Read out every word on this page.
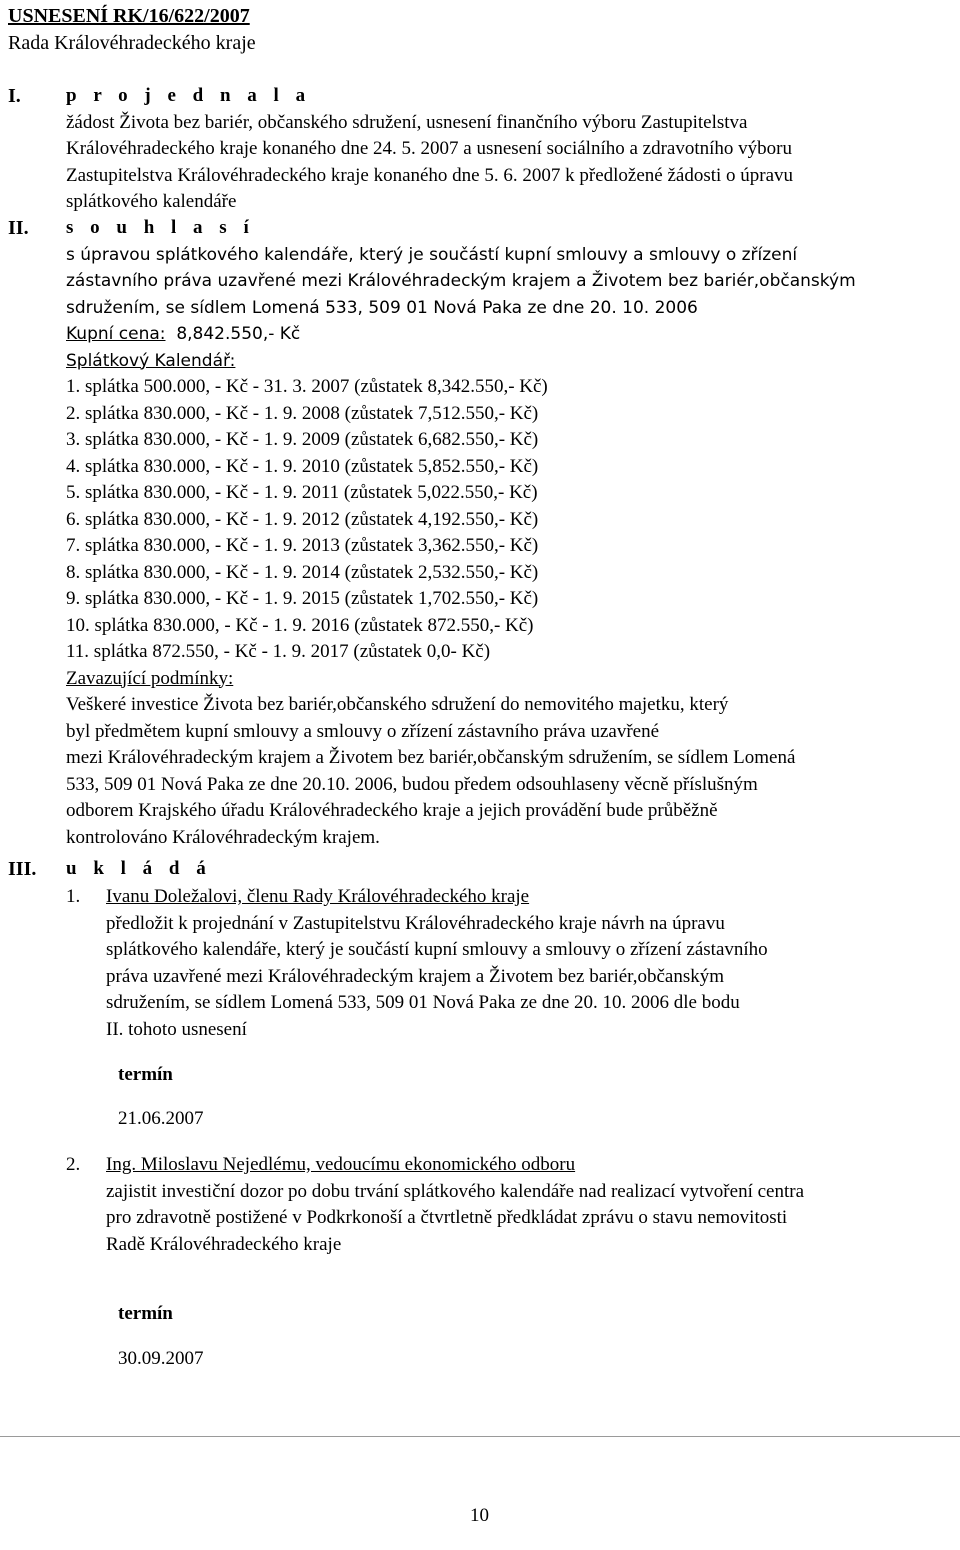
USNESENÍ RK/16/622/2007
Rada Královéhradeckého kraje
I. p r o j e d n a l a
žádost Života bez bariér, občanského sdružení, usnesení finančního výboru Zastupitelstva
Královéhradeckého kraje konaného dne 24. 5. 2007 a usnesení sociálního a zdravotního výboru
Zastupitelstva Královéhradeckého kraje konaného dne 5. 6. 2007 k předložené žádosti o úpravu
splátkového kalendáře
II. s o u h l a s í
s úpravou splátkového kalendáře, který je součástí kupní smlouvy a smlouvy o zřízení
zástavního práva uzavřené mezi Královéhradeckým krajem a Životem bez bariér,občanským
sdružením, se sídlem Lomená 533, 509 01 Nová Paka ze dne 20. 10. 2006
Kupní cena: 8,842.550,- Kč
Splátkový Kalendář:
1. splátka 500.000, - Kč - 31. 3. 2007 (zůstatek 8,342.550,- Kč)
2. splátka 830.000, - Kč - 1. 9. 2008 (zůstatek 7,512.550,- Kč)
3. splátka 830.000, - Kč - 1. 9. 2009 (zůstatek 6,682.550,- Kč)
4. splátka 830.000, - Kč - 1. 9. 2010 (zůstatek 5,852.550,- Kč)
5. splátka 830.000, - Kč - 1. 9. 2011 (zůstatek 5,022.550,- Kč)
6. splátka 830.000, - Kč - 1. 9. 2012 (zůstatek 4,192.550,- Kč)
7. splátka 830.000, - Kč - 1. 9. 2013 (zůstatek 3,362.550,- Kč)
8. splátka 830.000, - Kč - 1. 9. 2014 (zůstatek 2,532.550,- Kč)
9. splátka 830.000, - Kč - 1. 9. 2015 (zůstatek 1,702.550,- Kč)
10. splátka 830.000, - Kč - 1. 9. 2016 (zůstatek 872.550,- Kč)
11. splátka 872.550, - Kč - 1. 9. 2017 (zůstatek 0,0- Kč)
Zavazující podmínky:
Veškeré investice Života bez bariér,občanského sdružení do nemovitého majetku, který
byl předmětem kupní smlouvy a smlouvy o zřízení zástavního práva uzavřené
mezi Královéhradeckým krajem a Životem bez bariér,občanským sdružením, se sídlem Lomená
533, 509 01 Nová Paka ze dne 20.10. 2006, budou předem odsouhlaseny věcně příslušným
odborem Krajského úřadu Královéhradeckého kraje a jejich provádění bude průběžně
kontrolováno Královéhradeckým krajem.
III. u k l á d á
1. Ivanu Doležalovi, členu Rady Královéhradeckého kraje
předložit k projednání v Zastupitelstvu Královéhradeckého kraje návrh na úpravu
splátkového kalendáře, který je součástí kupní smlouvy a smlouvy o zřízení zástavního
práva uzavřené mezi Královéhradeckým krajem a Životem bez bariér,občanským
sdružením, se sídlem Lomená 533, 509 01 Nová Paka ze dne 20. 10. 2006 dle bodu
II. tohoto usnesení
termín
21.06.2007
2. Ing. Miloslavu Nejedlému, vedoucímu ekonomického odboru
zajistit investiční dozor po dobu trvání splátkového kalendáře nad realizací vytvoření centra
pro zdravotně postižené v Podkrkonoší a čtvrtletně předkládat zprávu o stavu nemovitosti
Radě Královéhradeckého kraje
termín
30.09.2007
10
